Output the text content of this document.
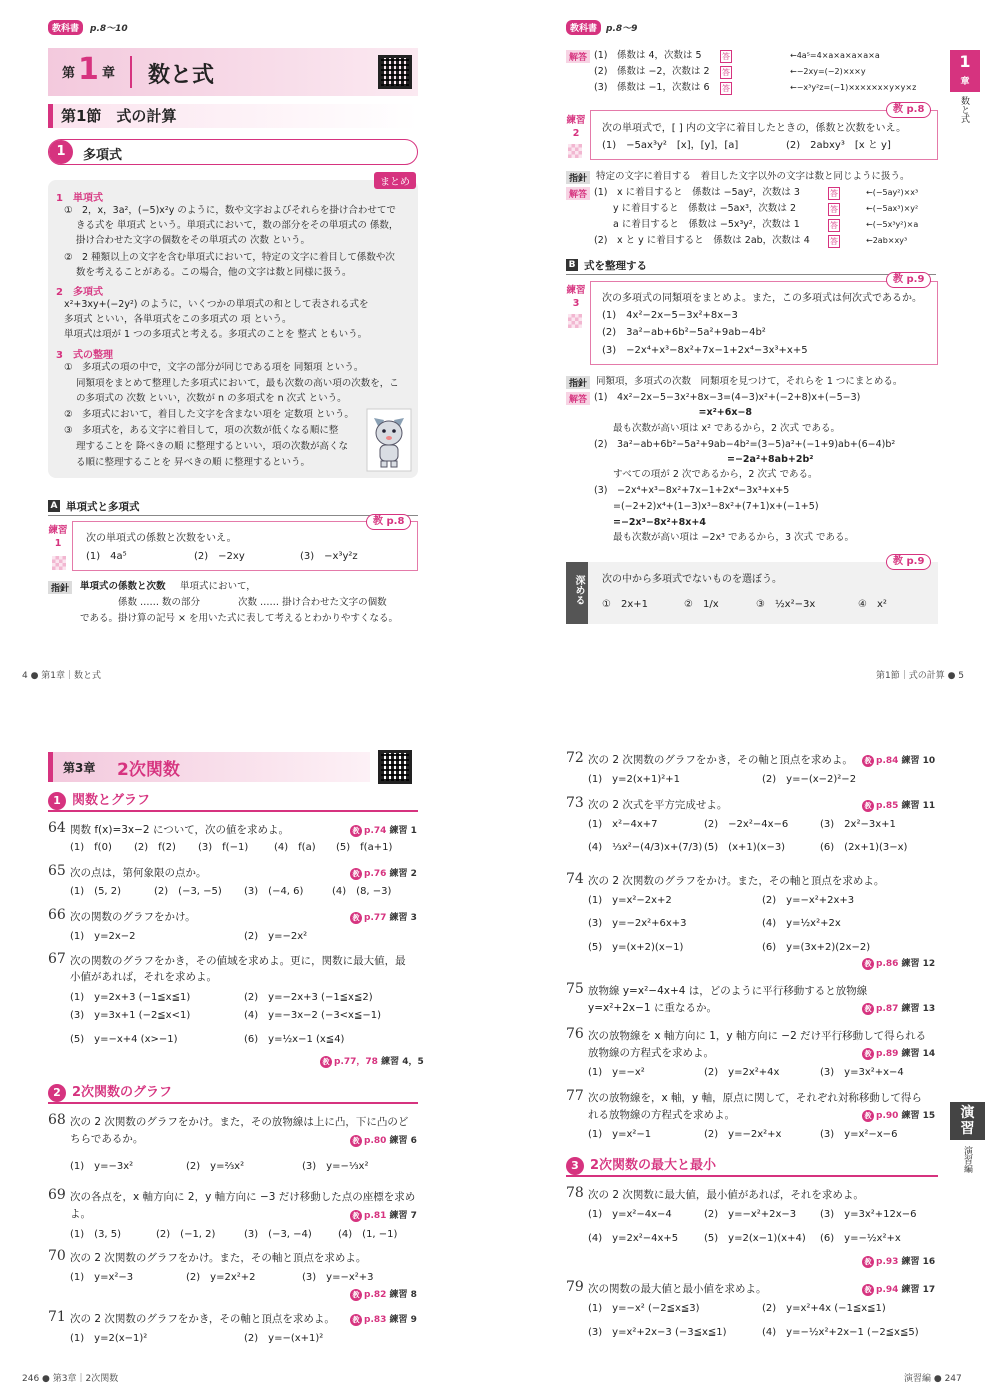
教科書	p.8〜10
第 1 章 数と式
第1節　式の計算
1	多項式
まとめ
1　単項式
①　2，x，3a²，(−5)x²y のように，数や文字およびそれらを掛け合わせてで
きる式を 単項式 という。単項式において，数の部分をその単項式の 係数，
掛け合わせた文字の個数をその単項式の 次数 という。
②　2 種類以上の文字を含む単項式において，特定の文字に着目して係数や次
数を考えることがある。この場合，他の文字は数と同様に扱う。
2　多項式
x²+3xy+(−2y²) のように，いくつかの単項式の和として表される式を
多項式 といい，各単項式をこの多項式の 項 という。
単項式は項が 1 つの多項式と考える。多項式のことを 整式 ともいう。
3　式の整理
①　多項式の項の中で，文字の部分が同じである項を 同類項 という。
同類項をまとめて整理した多項式において，最も次数の高い項の次数を，こ
の多項式の 次数 といい，次数が n の多項式を n 次式 という。
②　多項式において，着目した文字を含まない項を 定数項 という。
③　多項式を，ある文字に着目して，項の次数が低くなる順に整
理することを 降べきの順 に整理するといい，項の次数が高くな
る順に整理することを 昇べきの順 に整理するという。
A 単項式と多項式
練習
1
教 p.8
次の単項式の係数と次数をいえ。
(1)　4a⁵	(2)　−2xy	(3)　−x³y²z
指針	単項式の係数と次数 単項式において，
係数 …… 数の部分　　　　次数 …… 掛け合わせた文字の個数
である。掛け算の記号 × を用いた式に表して考えるとわかりやすくなる。
4 ● 第1章｜数と式
教科書 p.8〜9
解答 (1)　係数は 4，次数は 5	答	←4a⁵=4×a×a×a×a×a
(2)　係数は −2，次数は 2 答	←−2xy=(−2)×x×y
(3)　係数は −1，次数は 6 答	←−x³y²z=(−1)×x×x×x×y×y×z
練習
2
教 p.8
次の単項式で，[ ] 内の文字に着目したときの，係数と次数をいえ。
(1)　−5ax³y²　[x]，[y]，[a]	(2)　2abxy³　[x と y]
指針 特定の文字に着目する　着目した文字以外の文字は数と同じように扱う。
解答 (1)　x に着目すると　係数は −5ay²，次数は 3	答	←(−5ay²)×x³
　　y に着目すると　係数は −5ax³，次数は 2	答	←(−5ax³)×y²
　　a に着目すると　係数は −5x³y²，次数は 1	答	←(−5x³y²)×a
(2)　x と y に着目すると　係数は 2ab，次数は 4	答	←2ab×xy³
B 式を整理する
練習
3
教 p.9
次の多項式の同類項をまとめよ。また，この多項式は何次式であるか。
(1)　4x²−2x−5−3x²+8x−3
(2)　3a²−ab+6b²−5a²+9ab−4b²
(3)　−2x⁴+x³−8x²+7x−1+2x⁴−3x³+x+5
指針 同類項，多項式の次数　同類項を見つけて，それらを 1 つにまとめる。
解答 (1)　4x²−2x−5−3x²+8x−3=(4−3)x²+(−2+8)x+(−5−3)
　　　　　　　　　　　=x²+6x−8
　　最も次数が高い項は x² であるから，2 次式 である。
(2)　3a²−ab+6b²−5a²+9ab−4b²=(3−5)a²+(−1+9)ab+(6−4)b²
　　　　　　　　　　　　　　=−2a²+8ab+2b²
　　すべての項が 2 次であるから，2 次式 である。
(3)　−2x⁴+x³−8x²+7x−1+2x⁴−3x³+x+5
　　=(−2+2)x⁴+(1−3)x³−8x²+(7+1)x+(−1+5)
　　=−2x³−8x²+8x+4
　　最も次数が高い項は −2x³ であるから，3 次式 である。
深める
教 p.9
次の中から多項式でないものを選ぼう。
①　2x+1	②　1/x	③　½x²−3x	④　x²
1
章
数と式
第1節｜式の計算 ● 5
第3章 2次関数
1 関数とグラフ
64 関数 f(x)=3x−2 について，次の値を求めよ。	教 p.74 練習 1
(1)　f(0) (2)　f(2) (3)　f(−1)	(4)　f(a) (5)　f(a+1)
65 次の点は，第何象限の点か。	教 p.76 練習 2
(1)　(5, 2)	(2)　(−3, −5) (3)　(−4, 6)	(4)　(8, −3)
66 次の関数のグラフをかけ。	教 p.77 練習 3
(1)　y=2x−2	(2)　y=−2x²
67 次の関数のグラフをかき，その値域を求めよ。更に，関数に最大値，最
小値があれば，それを求めよ。
(1)　y=2x+3 (−1≦x≦1)	(2)　y=−2x+3 (−1≦x≦2)
(3)　y=3x+1 (−2≦x<1)	(4)　y=−3x−2 (−3<x≦−1)
(5)　y=−x+4 (x>−1)	(6)　y=½x−1 (x≦4)
教 p.77，78 練習 4，5
2 2次関数のグラフ
68 次の 2 次関数のグラフをかけ。また，その放物線は上に凸，下に凸のど
ちらであるか。	教 p.80 練習 6
(1)　y=−3x²	(2)　y=⅔x²	(3)　y=−⅓x²
69 次の各点を，x 軸方向に 2，y 軸方向に −3 だけ移動した点の座標を求め
よ。	教 p.81 練習 7
(1)　(3, 5)	(2)　(−1, 2)	(3)　(−3, −4)	(4)　(1, −1)
70 次の 2 次関数のグラフをかけ。また，その軸と頂点を求めよ。
(1)　y=x²−3	(2)　y=2x²+2	(3)　y=−x²+3
教 p.82 練習 8
71 次の 2 次関数のグラフをかき，その軸と頂点を求めよ。	教 p.83 練習 9
(1)　y=2(x−1)²	(2)　y=−(x+1)²
246 ● 第3章｜2次関数
72 次の 2 次関数のグラフをかき，その軸と頂点を求めよ。	教 p.84 練習 10
(1)　y=2(x+1)²+1	(2)　y=−(x−2)²−2
73 次の 2 次式を平方完成せよ。	教 p.85 練習 11
(1)　x²−4x+7	(2)　−2x²−4x−6	(3)　2x²−3x+1
(4)　⅓x²−(4/3)x+(7/3) (5)　(x+1)(x−3)	(6)　(2x+1)(3−x)
74 次の 2 次関数のグラフをかけ。また，その軸と頂点を求めよ。
(1)　y=x²−2x+2	(2)　y=−x²+2x+3
(3)　y=−2x²+6x+3	(4)　y=½x²+2x
(5)　y=(x+2)(x−1)	(6)　y=(3x+2)(2x−2)
教 p.86 練習 12
75 放物線 y=x²−4x+4 は，どのように平行移動すると放物線
y=x²+2x−1 に重なるか。	教 p.87 練習 13
76 次の放物線を x 軸方向に 1，y 軸方向に −2 だけ平行移動して得られる
放物線の方程式を求めよ。	教 p.89 練習 14
(1)　y=−x²	(2)　y=2x²+4x	(3)　y=3x²+x−4
77 次の放物線を，x 軸，y 軸，原点に関して，それぞれ対称移動して得ら
れる放物線の方程式を求めよ。	教 p.90 練習 15
(1)　y=x²−1	(2)　y=−2x²+x	(3)　y=x²−x−6
3 2次関数の最大と最小
78 次の 2 次関数に最大値，最小値があれば，それを求めよ。
(1)　y=x²−4x−4	(2)　y=−x²+2x−3 (3)　y=3x²+12x−6
(4)　y=2x²−4x+5	(5)　y=2(x−1)(x+4) (6)　y=−½x²+x
教 p.93 練習 16
79 次の関数の最大値と最小値を求めよ。	教 p.94 練習 17
(1)　y=−x² (−2≦x≦3)	(2)　y=x²+4x (−1≦x≦1)
(3)　y=x²+2x−3 (−3≦x≦1)	(4)　y=−½x²+2x−1 (−2≦x≦5)
演習
演習編
演習編 ● 247
